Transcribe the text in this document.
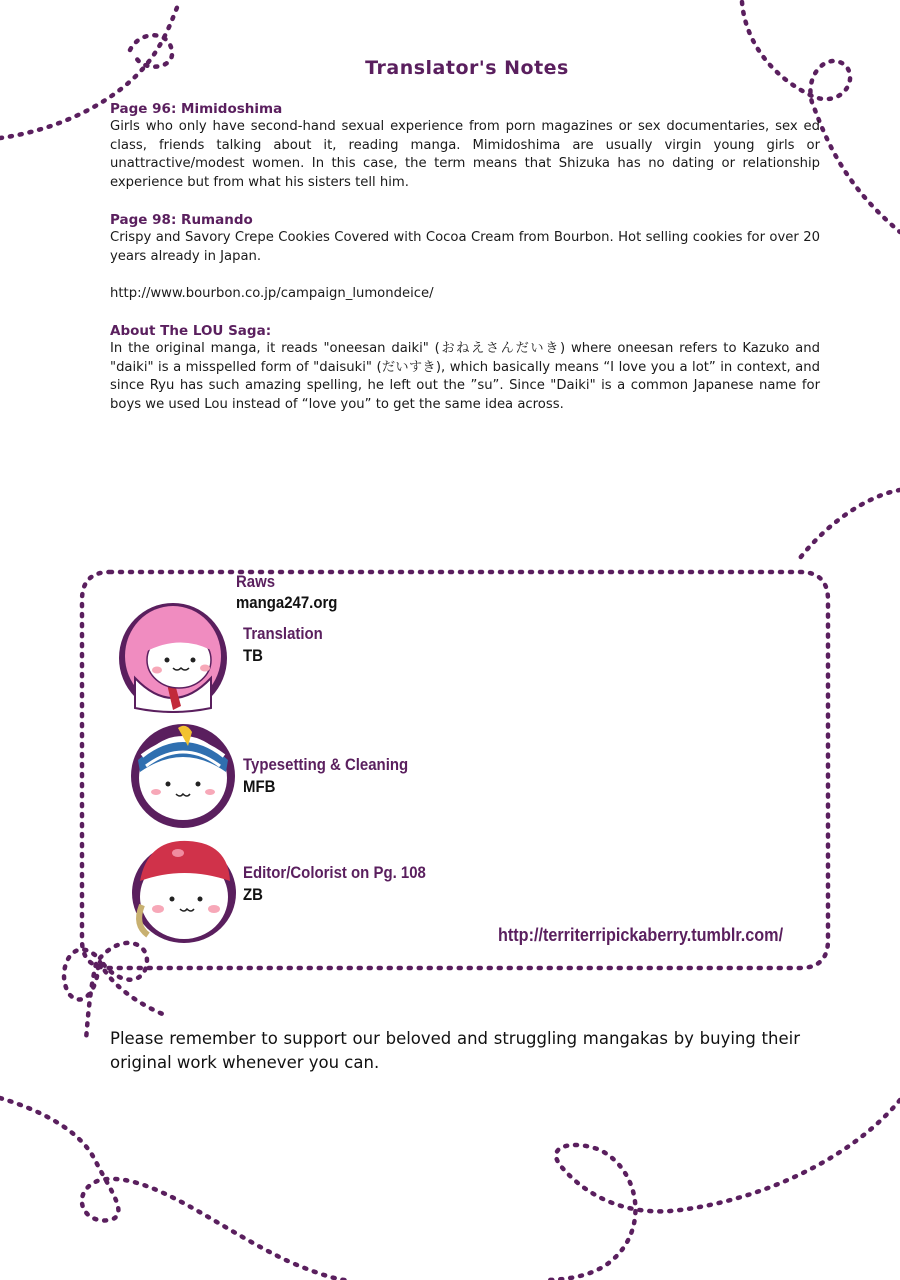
Translator's Notes
Page 96: Mimidoshima

Girls who only have second-hand sexual experience from porn magazines or sex documentaries, sex ed class, friends talking about it, reading manga. Mimidoshima are usually virgin young girls or unattractive/modest women. In this case, the term means that Shizuka has no dating or relationship experience but from what his sisters tell him.

Page 98: Rumando

Crispy and Savory Crepe Cookies Covered with Cocoa Cream from Bourbon. Hot selling cookies for over 20 years already in Japan.

http://www.bourbon.co.jp/campaign_lumondeice/
About The LOU Saga:

In the original manga, it reads "oneesan daiki" (おねえさんだいき) where oneesan refers to Kazuko and "daiki" is a misspelled form of "daisuki" (だいすき), which basically means “I love you a lot” in context, and since Ryu has such amazing spelling, he left out the ”su”. Since "Daiki" is a common Japanese name for boys we used Lou instead of “love you” to get the same idea across.

Raws
manga247.org
Translation
TB
Typesetting & Cleaning
MFB
Editor/Colorist on Pg. 108
ZB
http://territerripickaberry.tumblr.com/
Please remember to support our beloved and struggling mangakas by buying their original work whenever you can.
